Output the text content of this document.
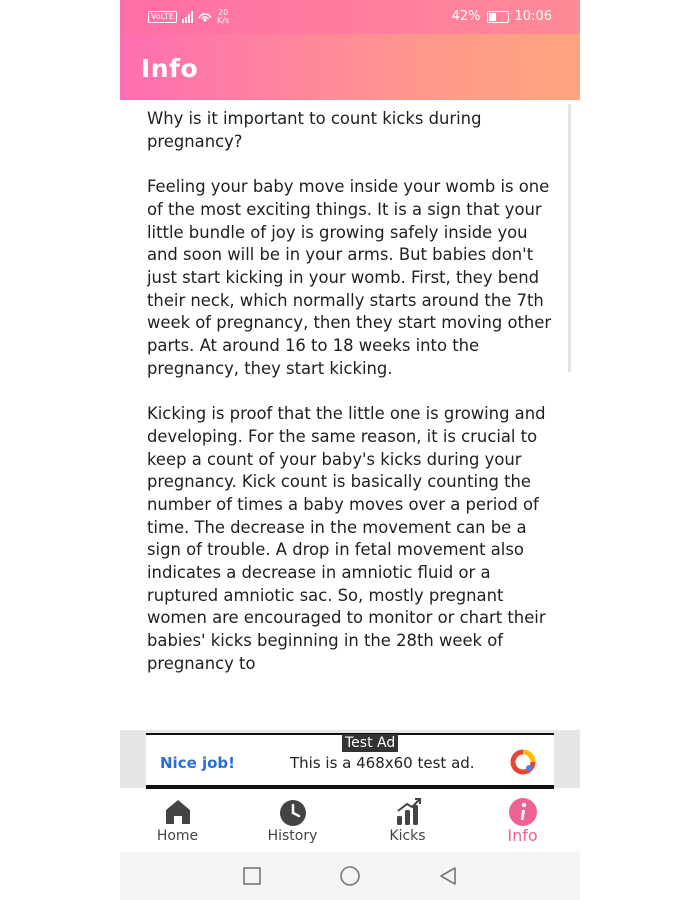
VoLTE	20
K/s	42%	10:06
Info

Why is it important to count kicks during pregnancy?

Feeling your baby move inside your womb is one of the most exciting things. It is a sign that your little bundle of joy is growing safely inside you and soon will be in your arms. But babies don't just start kicking in your womb. First, they bend their neck, which normally starts around the 7th week of pregnancy, then they start moving other parts. At around 16 to 18 weeks into the pregnancy, they start kicking.

Kicking is proof that the little one is growing and developing. For the same reason, it is crucial to keep a count of your baby's kicks during your pregnancy. Kick count is basically counting the number of times a baby moves over a period of time. The decrease in the movement can be a sign of trouble. A drop in fetal movement also indicates a decrease in amniotic fluid or a ruptured amniotic sac. So, mostly pregnant women are encouraged to monitor or chart their babies' kicks beginning in the 28th week of pregnancy to

Test Ad
Nice job!	This is a 468x60 test ad.
Home	History	Kicks	Info
